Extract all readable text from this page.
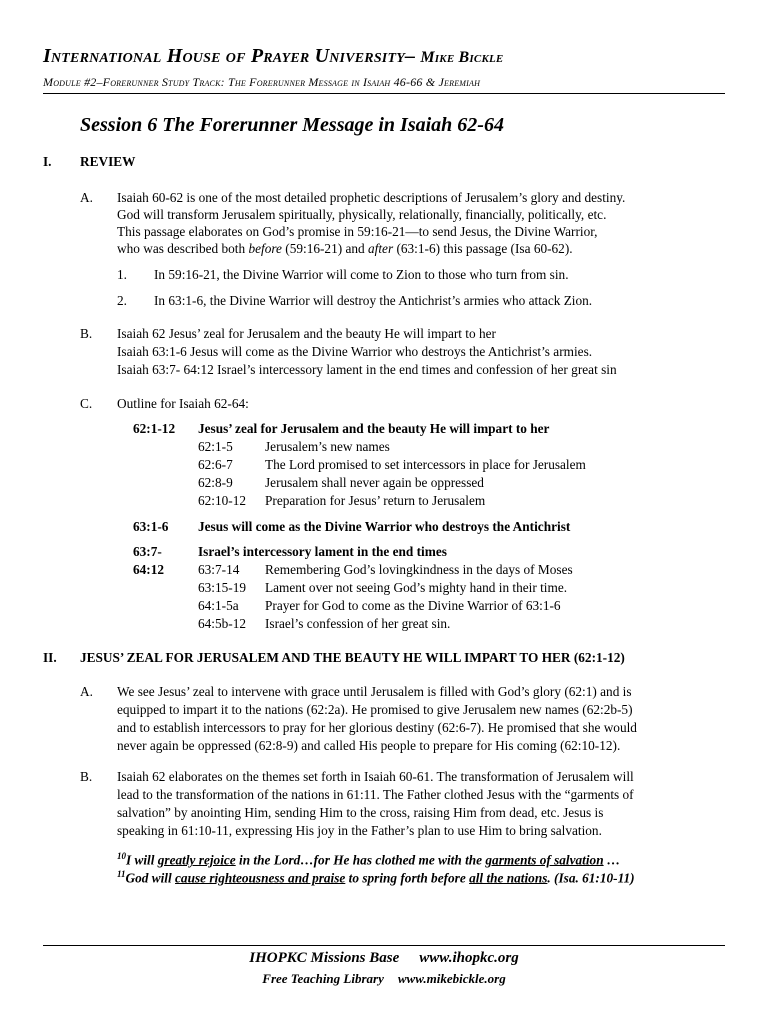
International House of Prayer University– Mike Bickle
Module #2–Forerunner Study Track: The Forerunner Message in Isaiah 46-66 & Jeremiah
Session 6 The Forerunner Message in Isaiah 62-64
I. REVIEW
A. Isaiah 60-62 is one of the most detailed prophetic descriptions of Jerusalem’s glory and destiny.
God will transform Jerusalem spiritually, physically, relationally, financially, politically, etc.
This passage elaborates on God’s promise in 59:16-21—to send Jesus, the Divine Warrior,
who was described both before (59:16-21) and after (63:1-6) this passage (Isa 60-62).
1. In 59:16-21, the Divine Warrior will come to Zion to those who turn from sin.
2. In 63:1-6, the Divine Warrior will destroy the Antichrist’s armies who attack Zion.
B. Isaiah 62 Jesus’ zeal for Jerusalem and the beauty He will impart to her
Isaiah 63:1-6 Jesus will come as the Divine Warrior who destroys the Antichrist’s armies.
Isaiah 63:7- 64:12 Israel’s intercessory lament in the end times and confession of her great sin
C. Outline for Isaiah 62-64:
62:1-12 Jesus’ zeal for Jerusalem and the beauty He will impart to her
62:1-5 Jerusalem’s new names
62:6-7 The Lord promised to set intercessors in place for Jerusalem
62:8-9 Jerusalem shall never again be oppressed
62:10-12 Preparation for Jesus’ return to Jerusalem
63:1-6 Jesus will come as the Divine Warrior who destroys the Antichrist
63:7-
64:12
Israel’s intercessory lament in the end times
63:7-14 Remembering God’s lovingkindness in the days of Moses
63:15-19 Lament over not seeing God’s mighty hand in their time.
64:1-5a Prayer for God to come as the Divine Warrior of 63:1-6
64:5b-12 Israel’s confession of her great sin.
II. JESUS’ ZEAL FOR JERUSALEM AND THE BEAUTY HE WILL IMPART TO HER (62:1-12)
A. We see Jesus’ zeal to intervene with grace until Jerusalem is filled with God’s glory (62:1) and is
equipped to impart it to the nations (62:2a). He promised to give Jerusalem new names (62:2b-5)
and to establish intercessors to pray for her glorious destiny (62:6-7). He promised that she would
never again be oppressed (62:8-9) and called His people to prepare for His coming (62:10-12).
B. Isaiah 62 elaborates on the themes set forth in Isaiah 60-61. The transformation of Jerusalem will
lead to the transformation of the nations in 61:11. The Father clothed Jesus with the “garments of
salvation” by anointing Him, sending Him to the cross, raising Him from dead, etc. Jesus is
speaking in 61:10-11, expressing His joy in the Father’s plan to use Him to bring salvation.
$^{10}$I will greatly rejoice in the Lord…for He has clothed me with the garments of salvation …
$^{11}$God will cause righteousness and praise to spring forth before all the nations. (Isa. 61:10-11)
IHOPKC Missions Base www.ihopkc.org
Free Teaching Library www.mikebickle.org
